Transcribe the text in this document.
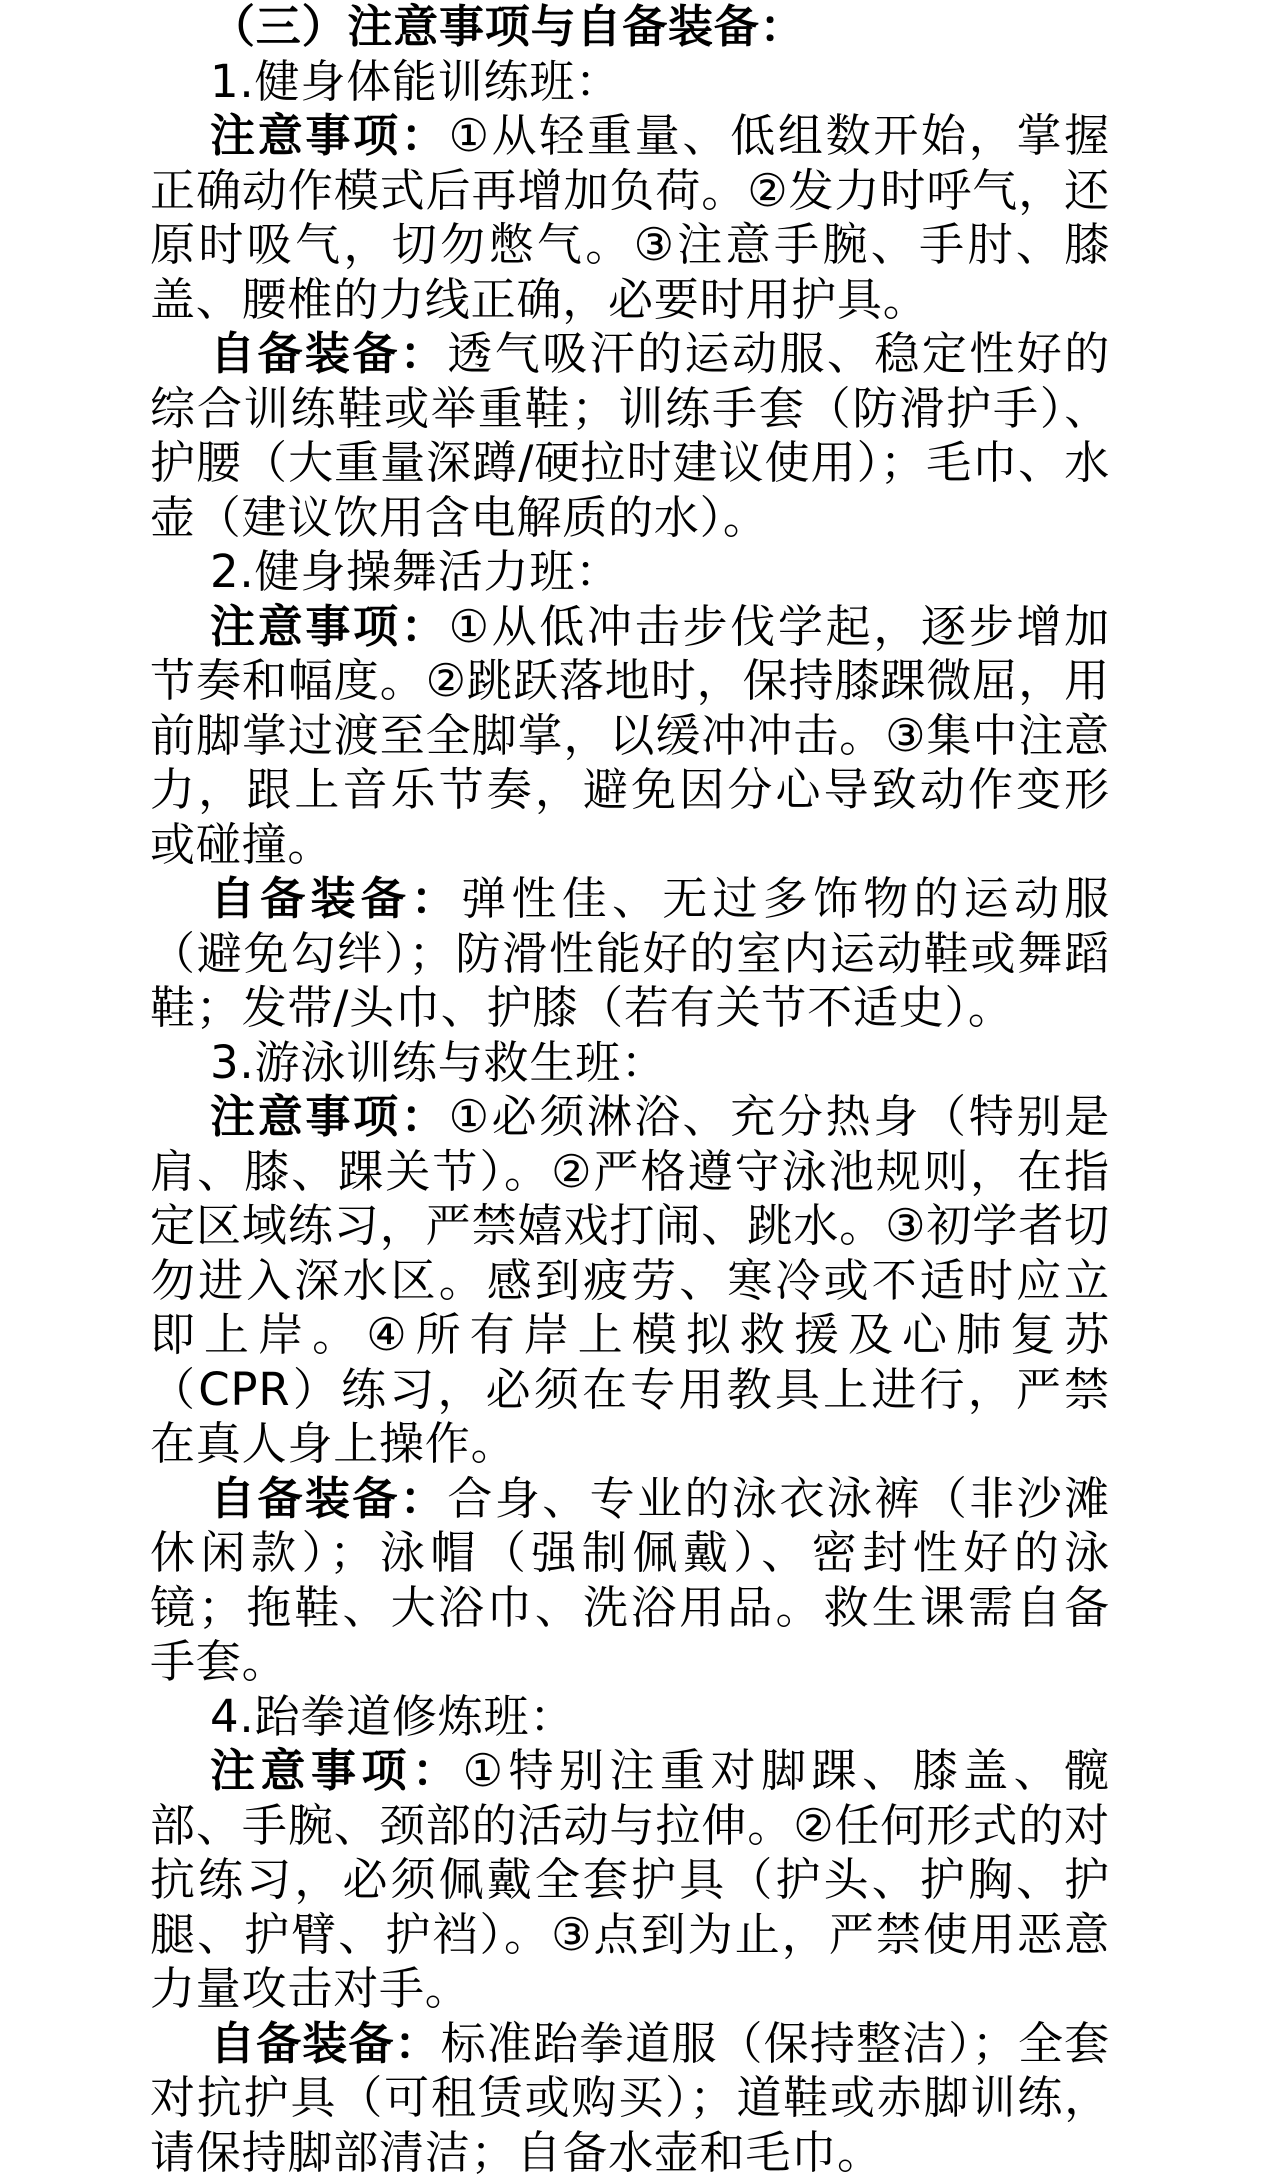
（三）注意事项与自备装备：

1.健身体能训练班：

注意事项：①从轻重量、低组数开始，掌握正确动作模式后再增加负荷。②发力时呼气，还原时吸气，切勿憋气。③注意手腕、手肘、膝盖、腰椎的力线正确，必要时用护具。

自备装备：透气吸汗的运动服、稳定性好的综合训练鞋或举重鞋；训练手套（防滑护手）、护腰（大重量深蹲/硬拉时建议使用）；毛巾、水壶（建议饮用含电解质的水）。

2.健身操舞活力班：

注意事项：①从低冲击步伐学起，逐步增加节奏和幅度。②跳跃落地时，保持膝踝微屈，用前脚掌过渡至全脚掌，以缓冲冲击。③集中注意力，跟上音乐节奏，避免因分心导致动作变形或碰撞。

自备装备：弹性佳、无过多饰物的运动服（避免勾绊）；防滑性能好的室内运动鞋或舞蹈鞋；发带/头巾、护膝（若有关节不适史）。

3.游泳训练与救生班：

注意事项：①必须淋浴、充分热身（特别是肩、膝、踝关节）。②严格遵守泳池规则，在指定区域练习，严禁嬉戏打闹、跳水。③初学者切勿进入深水区。感到疲劳、寒冷或不适时应立即上岸。④所有岸上模拟救援及心肺复苏（CPR）练习，必须在专用教具上进行，严禁在真人身上操作。

自备装备：合身、专业的泳衣泳裤（非沙滩休闲款）；泳帽（强制佩戴）、密封性好的泳镜；拖鞋、大浴巾、洗浴用品。救生课需自备手套。

4.跆拳道修炼班：

注意事项：①特别注重对脚踝、膝盖、髋部、手腕、颈部的活动与拉伸。②任何形式的对抗练习，必须佩戴全套护具（护头、护胸、护腿、护臂、护裆）。③点到为止，严禁使用恶意力量攻击对手。

自备装备：标准跆拳道服（保持整洁）；全套对抗护具（可租赁或购买）；道鞋或赤脚训练，请保持脚部清洁；自备水壶和毛巾。
